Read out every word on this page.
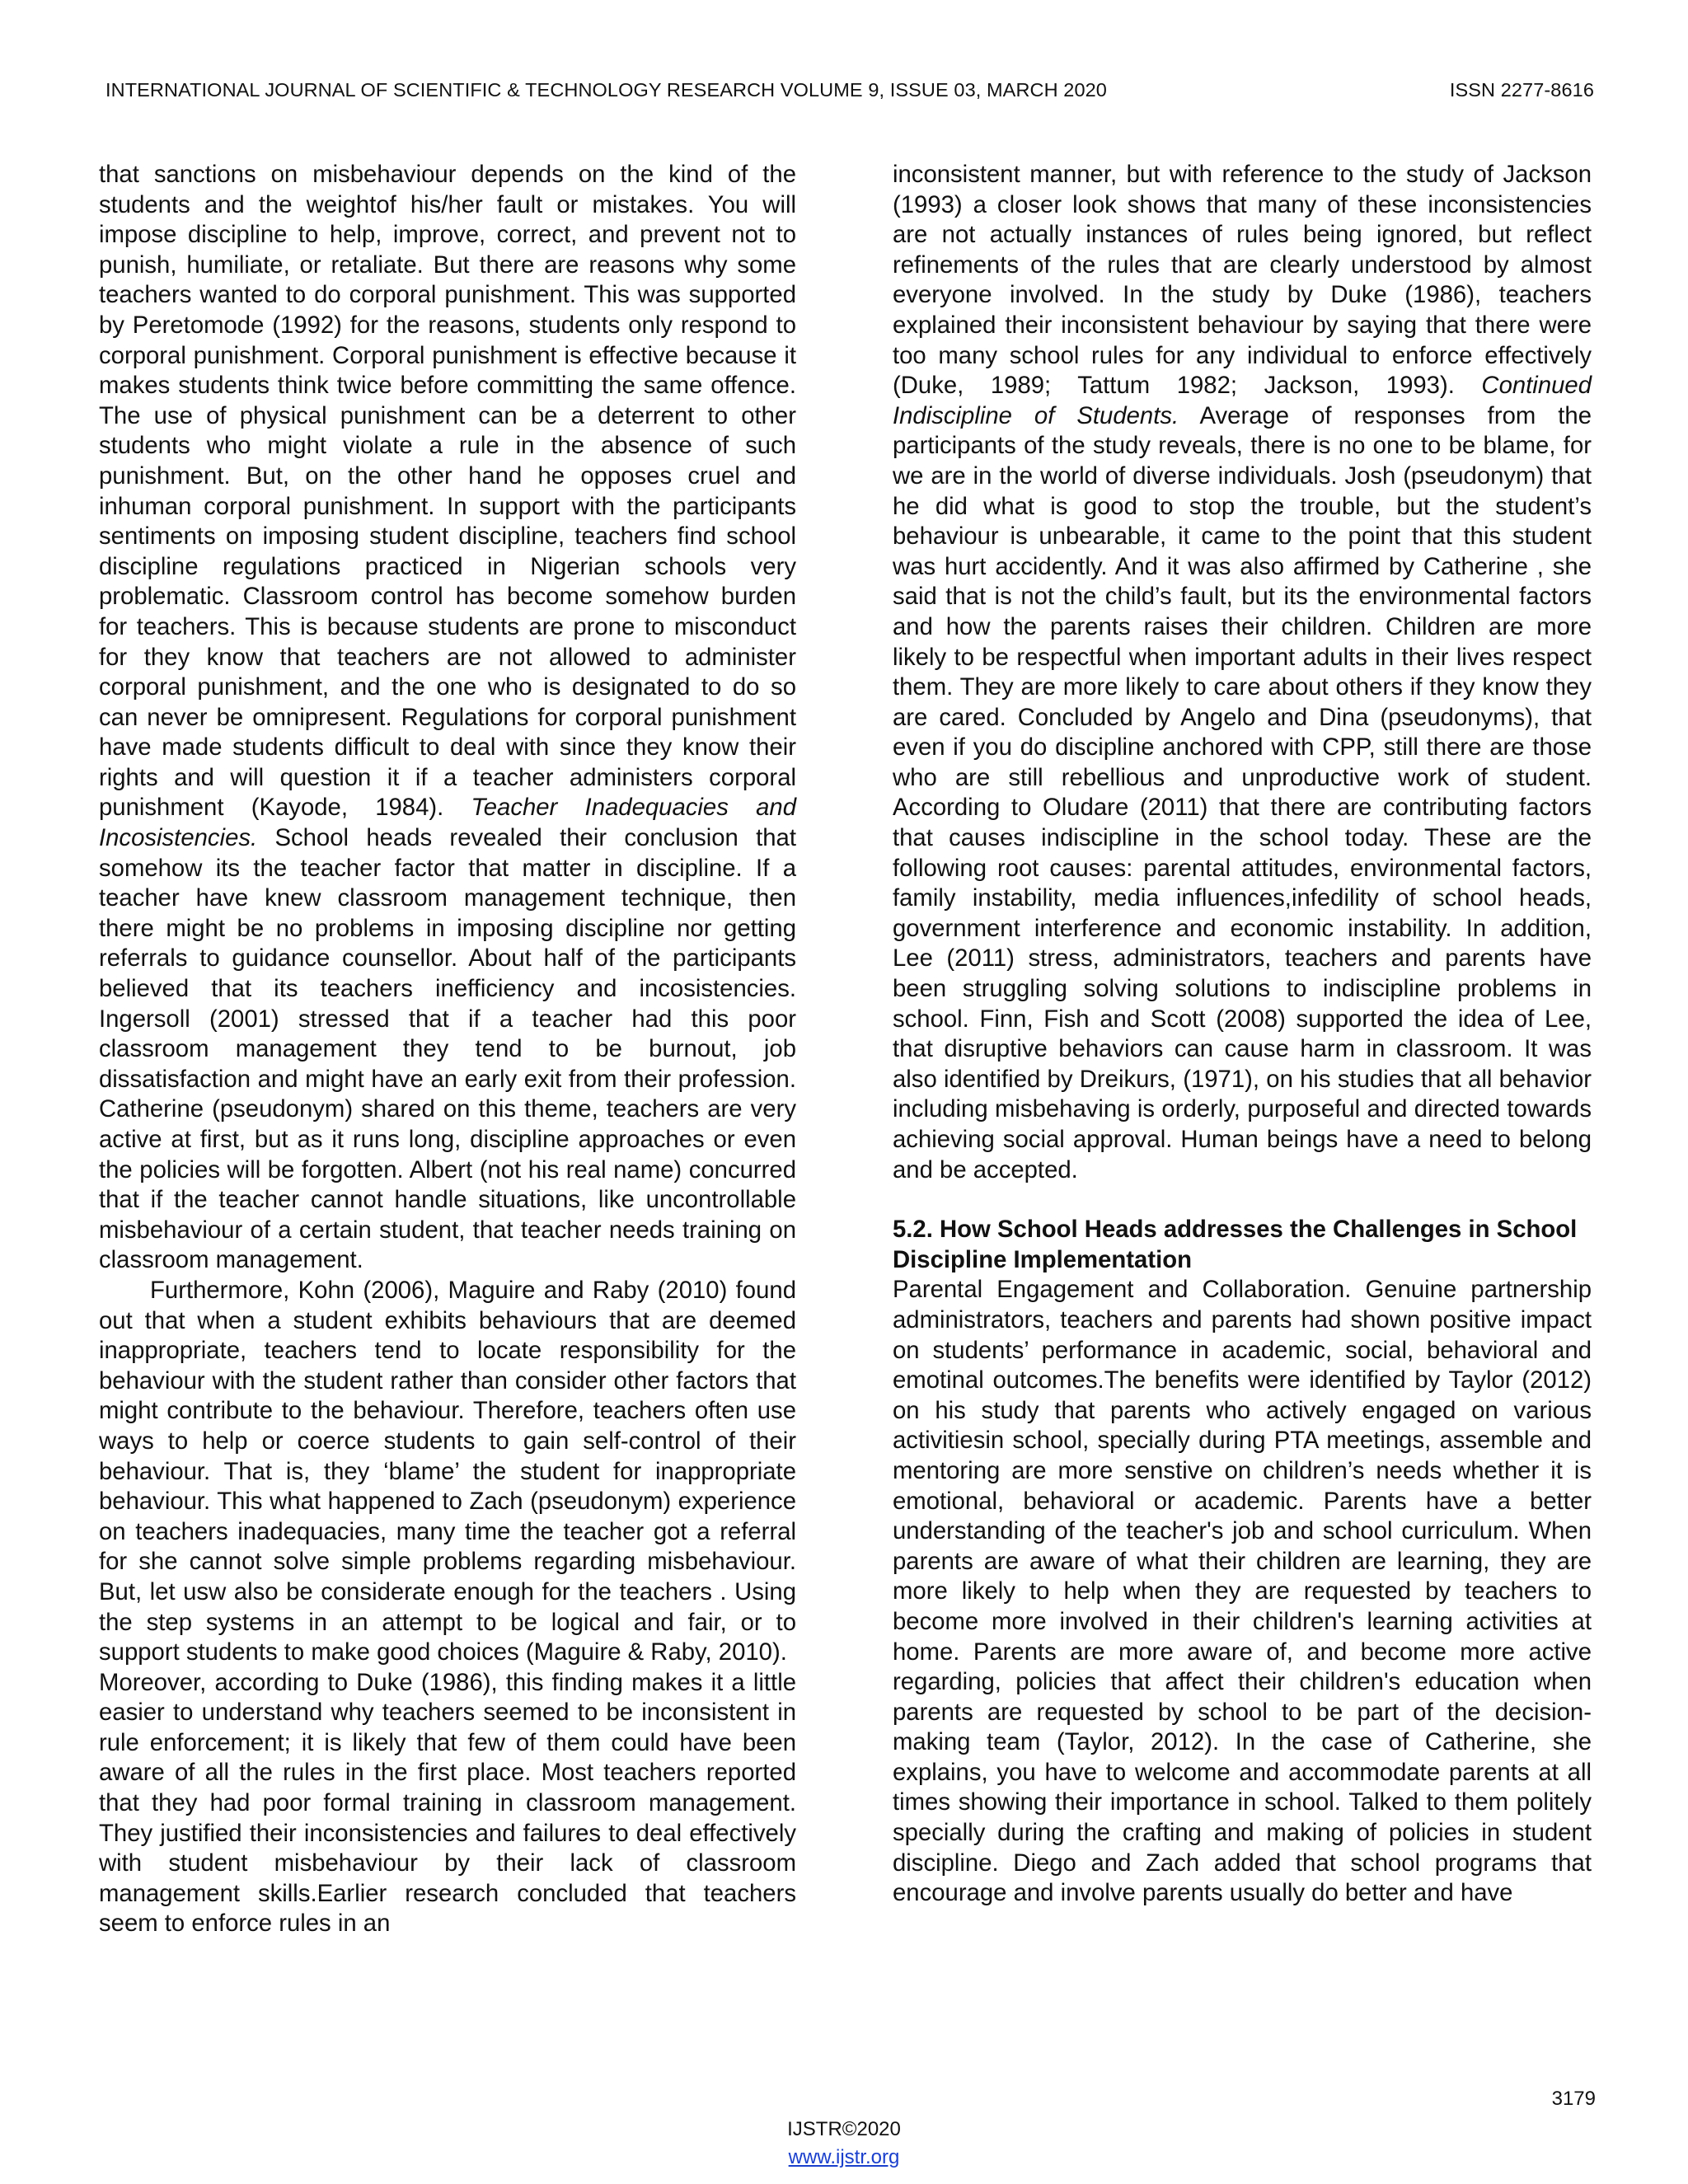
INTERNATIONAL JOURNAL OF SCIENTIFIC & TECHNOLOGY RESEARCH VOLUME 9, ISSUE 03, MARCH 2020	ISSN 2277-8616

that sanctions on misbehaviour depends on the kind of the students and the weightof his/her fault or mistakes. You will impose discipline to help, improve, correct, and prevent not to punish, humiliate, or retaliate. But there are reasons why some teachers wanted to do corporal punishment. This was supported by Peretomode (1992) for the reasons, students only respond to corporal punishment. Corporal punishment is effective because it makes students think twice before committing the same offence. The use of physical punishment can be a deterrent to other students who might violate a rule in the absence of such punishment. But, on the other hand he opposes cruel and inhuman corporal punishment. In support with the participants sentiments on imposing student discipline, teachers find school discipline regulations practiced in Nigerian schools very problematic. Classroom control has become somehow burden for teachers. This is because students are prone to misconduct for they know that teachers are not allowed to administer corporal punishment, and the one who is designated to do so can never be omnipresent. Regulations for corporal punishment have made students difficult to deal with since they know their rights and will question it if a teacher administers corporal punishment (Kayode, 1984). Teacher Inadequacies and Incosistencies. School heads revealed their conclusion that somehow its the teacher factor that matter in discipline. If a teacher have knew classroom management technique, then there might be no problems in imposing discipline nor getting referrals to guidance counsellor. About half of the participants believed that its teachers inefficiency and incosistencies. Ingersoll (2001) stressed that if a teacher had this poor classroom management they tend to be burnout, job dissatisfaction and might have an early exit from their profession. Catherine (pseudonym) shared on this theme, teachers are very active at first, but as it runs long, discipline approaches or even the policies will be forgotten. Albert (not his real name) concurred that if the teacher cannot handle situations, like uncontrollable misbehaviour of a certain student, that teacher needs training on classroom management.

Furthermore, Kohn (2006), Maguire and Raby (2010) found out that when a student exhibits behaviours that are deemed inappropriate, teachers tend to locate responsibility for the behaviour with the student rather than consider other factors that might contribute to the behaviour. Therefore, teachers often use ways to help or coerce students to gain self-control of their behaviour. That is, they ‘blame’ the student for inappropriate behaviour. This what happened to Zach (pseudonym) experience on teachers inadequacies, many time the teacher got a referral for she cannot solve simple problems regarding misbehaviour. But, let usw also be considerate enough for the teachers . Using the step systems in an attempt to be logical and fair, or to support students to make good choices (Maguire & Raby, 2010).

Moreover, according to Duke (1986), this finding makes it a little easier to understand why teachers seemed to be inconsistent in rule enforcement; it is likely that few of them could have been aware of all the rules in the first place. Most teachers reported that they had poor formal training in classroom management. They justified their inconsistencies and failures to deal effectively with student misbehaviour by their lack of classroom management skills.Earlier research concluded that teachers seem to enforce rules in an

inconsistent manner, but with reference to the study of Jackson (1993) a closer look shows that many of these inconsistencies are not actually instances of rules being ignored, but reflect refinements of the rules that are clearly understood by almost everyone involved. In the study by Duke (1986), teachers explained their inconsistent behaviour by saying that there were too many school rules for any individual to enforce effectively (Duke, 1989; Tattum 1982; Jackson, 1993). Continued Indiscipline of Students. Average of responses from the participants of the study reveals, there is no one to be blame, for we are in the world of diverse individuals. Josh (pseudonym) that he did what is good to stop the trouble, but the student’s behaviour is unbearable, it came to the point that this student was hurt accidently. And it was also affirmed by Catherine , she said that is not the child’s fault, but its the environmental factors and how the parents raises their children. Children are more likely to be respectful when important adults in their lives respect them. They are more likely to care about others if they know they are cared. Concluded by Angelo and Dina (pseudonyms), that even if you do discipline anchored with CPP, still there are those who are still rebellious and unproductive work of student. According to Oludare (2011) that there are contributing factors that causes indiscipline in the school today. These are the following root causes: parental attitudes, environmental factors, family instability, media influences,infedility of school heads, government interference and economic instability. In addition, Lee (2011) stress, administrators, teachers and parents have been struggling solving solutions to indiscipline problems in school. Finn, Fish and Scott (2008) supported the idea of Lee, that disruptive behaviors can cause harm in classroom. It was also identified by Dreikurs, (1971), on his studies that all behavior including misbehaving is orderly, purposeful and directed towards achieving social approval. Human beings have a need to belong and be accepted.

5.2. How School Heads addresses the Challenges in School Discipline Implementation

Parental Engagement and Collaboration. Genuine partnership administrators, teachers and parents had shown positive impact on students’ performance in academic, social, behavioral and emotinal outcomes.The benefits were identified by Taylor (2012) on his study that parents who actively engaged on various activitiesin school, specially during PTA meetings, assemble and mentoring are more senstive on children’s needs whether it is emotional, behavioral or academic. Parents have a better understanding of the teacher's job and school curriculum. When parents are aware of what their children are learning, they are more likely to help when they are requested by teachers to become more involved in their children's learning activities at home. Parents are more aware of, and become more active regarding, policies that affect their children's education when parents are requested by school to be part of the decision-making team (Taylor, 2012). In the case of Catherine, she explains, you have to welcome and accommodate parents at all times showing their importance in school. Talked to them politely specially during the crafting and making of policies in student discipline. Diego and Zach added that school programs that encourage and involve parents usually do better and have

3179
IJSTR©2020
www.ijstr.org
